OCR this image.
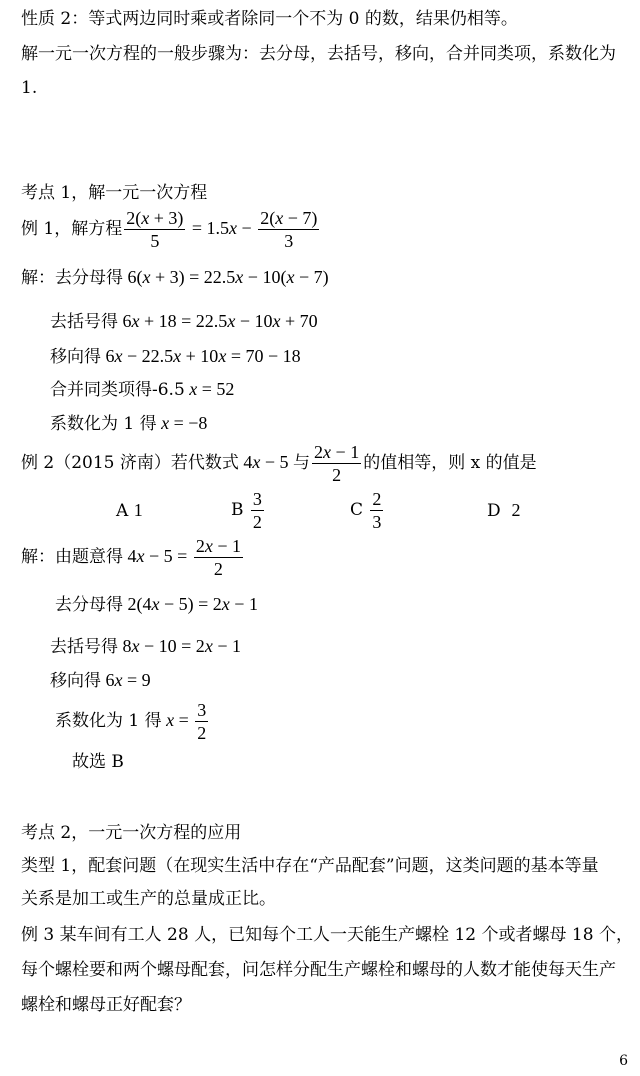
性质 2：等式两边同时乘或者除同一个不为 0 的数，结果仍相等。
解一元一次方程的一般步骤为：去分母，去括号，移向，合并同类项，系数化为
1.
考点 1，解一元一次方程
例 1，解方程 $\frac{2(x + 3)}{5} = 1.5x - \frac{2(x - 7)}{3}$
解：去分母得 6(x + 3) = 22.5x − 10(x − 7)
去括号得 6x + 18 = 22.5x − 10x + 70
移向得 6x − 22.5x + 10x = 70 − 18
合并同类项得-6.5 x = 52
系数化为 1 得 x = −8
例 2（2015 济南）若代数式 4x − 5 与 $\frac{2x - 1}{2}$ 的值相等，则 x 的值是
A 1	B $\frac{3}{2}$	C $\frac{2}{3}$	D 2
解：由题意得 $4x - 5 = \frac{2x - 1}{2}$
去分母得 2(4x − 5) = 2x − 1
去括号得 8x − 10 = 2x − 1
移向得 6x = 9
系数化为 1 得 $x = \frac{3}{2}$
故选 B
考点 2，一元一次方程的应用
类型 1，配套问题（在现实生活中存在“产品配套”问题，这类问题的基本等量
关系是加工或生产的总量成正比。
例 3 某车间有工人 28 人，已知每个工人一天能生产螺栓 12 个或者螺母 18 个，
每个螺栓要和两个螺母配套，问怎样分配生产螺栓和螺母的人数才能使每天生产
螺栓和螺母正好配套？
6
